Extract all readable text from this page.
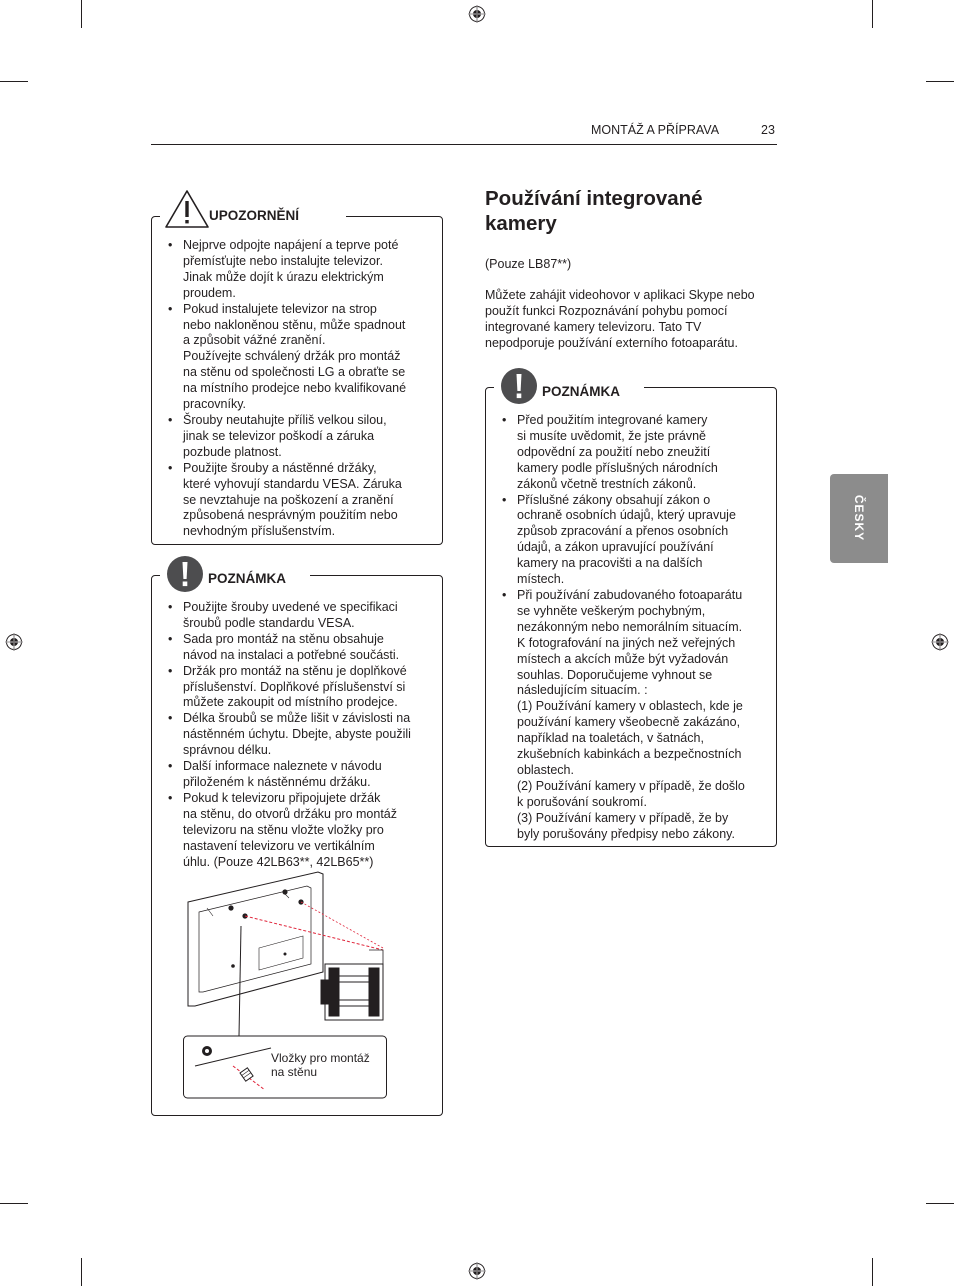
MONTÁŽ A PŘÍPRAVA	23
ČESKY
UPOZORNĚNÍ
• Nejprve odpojte napájení a teprve poté
přemísťujte nebo instalujte televizor.
Jinak může dojít k úrazu elektrickým
proudem.
• Pokud instalujete televizor na strop
nebo nakloněnou stěnu, může spadnout
a způsobit vážné zranění.
Používejte schválený držák pro montáž
na stěnu od společnosti LG a obraťte se
na místního prodejce nebo kvalifikované
pracovníky.
• Šrouby neutahujte příliš velkou silou,
jinak se televizor poškodí a záruka
pozbude platnost.
• Použijte šrouby a nástěnné držáky,
které vyhovují standardu VESA. Záruka
se nevztahuje na poškození a zranění
způsobená nesprávným použitím nebo
nevhodným příslušenstvím.
POZNÁMKA
• Použijte šrouby uvedené ve specifikaci
šroubů podle standardu VESA.
• Sada pro montáž na stěnu obsahuje
návod na instalaci a potřebné součásti.
• Držák pro montáž na stěnu je doplňkové
příslušenství. Doplňkové příslušenství si
můžete zakoupit od místního prodejce.
• Délka šroubů se může lišit v závislosti na
nástěnném úchytu. Dbejte, abyste použili
správnou délku.
• Další informace naleznete v návodu
přiloženém k nástěnnému držáku.
• Pokud k televizoru připojujete držák
na stěnu, do otvorů držáku pro montáž
televizoru na stěnu vložte vložky pro
nastavení televizoru ve vertikálním
úhlu. (Pouze 42LB63**, 42LB65**)
Vložky pro montáž
na stěnu
Používání integrované
kamery
(Pouze LB87**)
Můžete zahájit videohovor v aplikaci Skype nebo
použít funkci Rozpoznávání pohybu pomocí
integrované kamery televizoru. Tato TV
nepodporuje používání externího fotoaparátu.
POZNÁMKA
• Před použitím integrované kamery
si musíte uvědomit, že jste právně
odpovědní za použití nebo zneužití
kamery podle příslušných národních
zákonů včetně trestních zákonů.
• Příslušné zákony obsahují zákon o
ochraně osobních údajů, který upravuje
způsob zpracování a přenos osobních
údajů, a zákon upravující používání
kamery na pracovišti a na dalších
místech.
• Při používání zabudovaného fotoaparátu
se vyhněte veškerým pochybným,
nezákonným nebo nemorálním situacím.
K fotografování na jiných než veřejných
místech a akcích může být vyžadován
souhlas. Doporučujeme vyhnout se
následujícím situacím. :
(1) Používání kamery v oblastech, kde je
používání kamery všeobecně zakázáno,
například na toaletách, v šatnách,
zkušebních kabinkách a bezpečnostních
oblastech.
(2) Používání kamery v případě, že došlo
k porušování soukromí.
(3) Používání kamery v případě, že by
byly porušovány předpisy nebo zákony.
